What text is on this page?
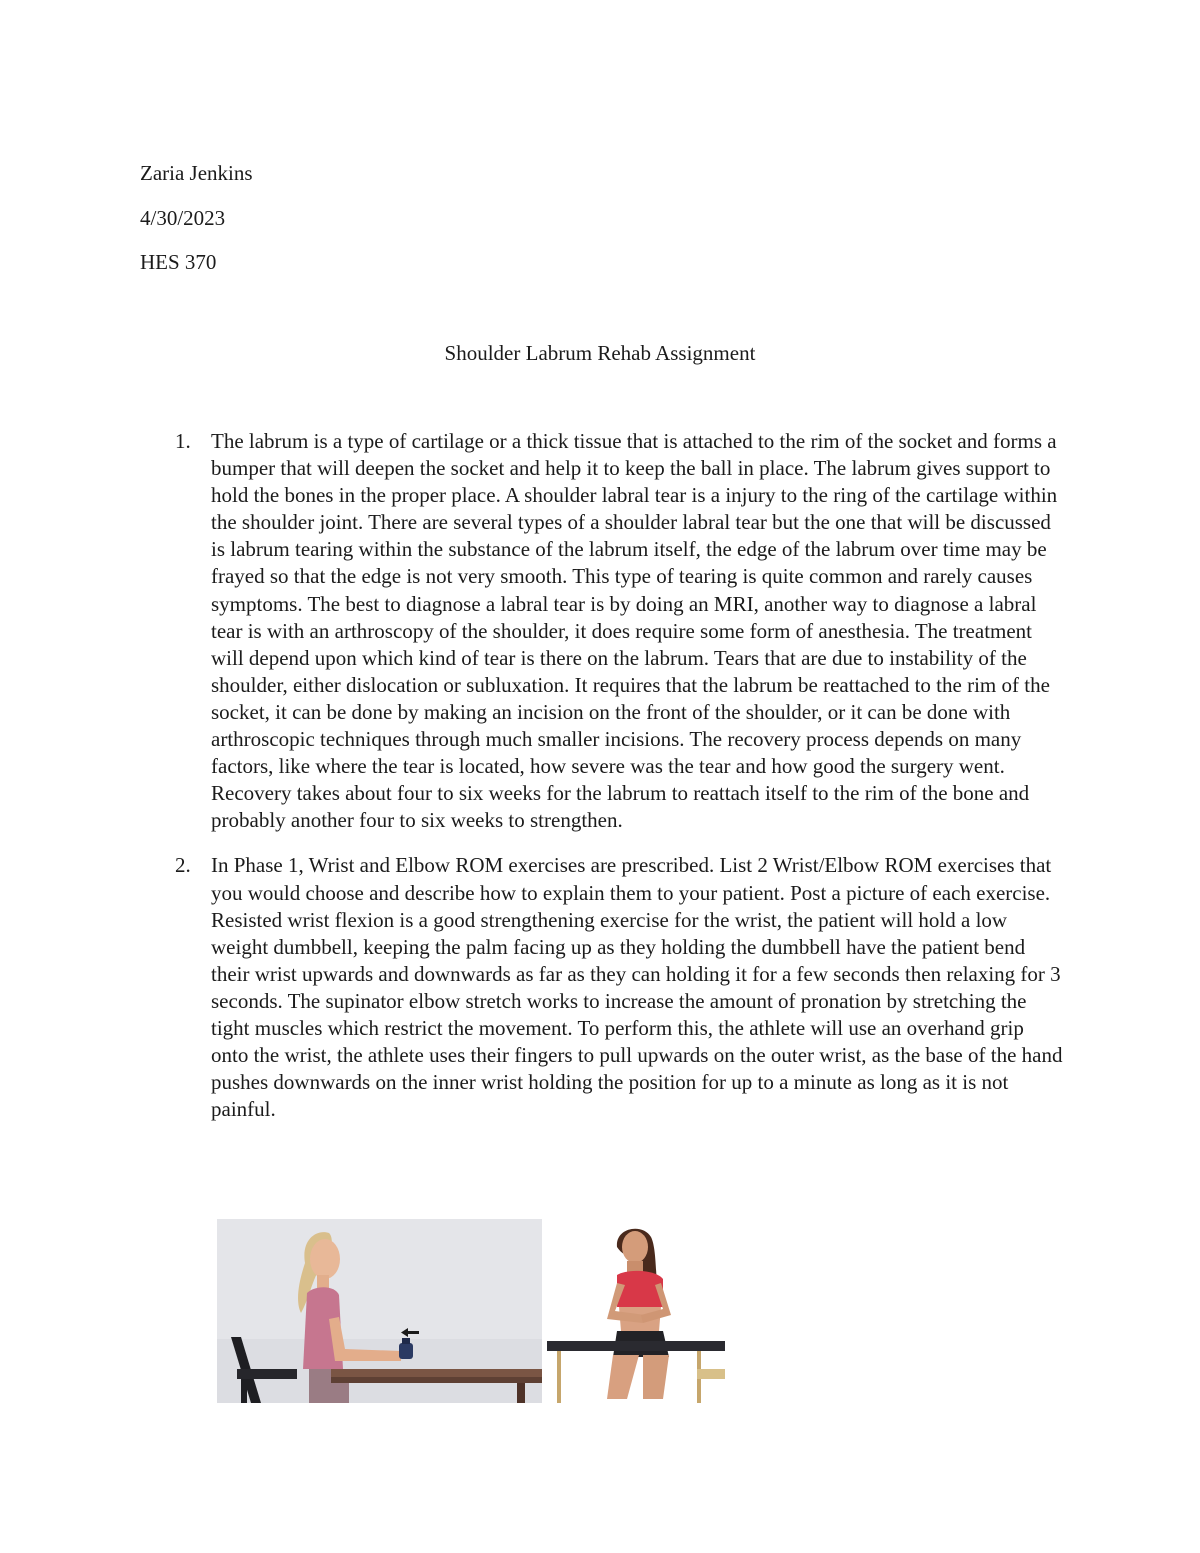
Zaria Jenkins
4/30/2023
HES 370
Shoulder Labrum Rehab Assignment
1. The labrum is a type of cartilage or a thick tissue that is attached to the rim of the socket and forms a bumper that will deepen the socket and help it to keep the ball in place. The labrum gives support to hold the bones in the proper place. A shoulder labral tear is a injury to the ring of the cartilage within the shoulder joint. There are several types of a shoulder labral tear but the one that will be discussed is labrum tearing within the substance of the labrum itself, the edge of the labrum over time may be frayed so that the edge is not very smooth. This type of tearing is quite common and rarely causes symptoms. The best to diagnose a labral tear is by doing an MRI, another way to diagnose a labral tear is with an arthroscopy of the shoulder, it does require some form of anesthesia. The treatment will depend upon which kind of tear is there on the labrum. Tears that are due to instability of the shoulder, either dislocation or subluxation. It requires that the labrum be reattached to the rim of the socket, it can be done by making an incision on the front of the shoulder, or it can be done with arthroscopic techniques through much smaller incisions. The recovery process depends on many factors, like where the tear is located, how severe was the tear and how good the surgery went. Recovery takes about four to six weeks for the labrum to reattach itself to the rim of the bone and probably another four to six weeks to strengthen.
2. In Phase 1, Wrist and Elbow ROM exercises are prescribed. List 2 Wrist/Elbow ROM exercises that you would choose and describe how to explain them to your patient. Post a picture of each exercise. Resisted wrist flexion is a good strengthening exercise for the wrist, the patient will hold a low weight dumbbell, keeping the palm facing up as they holding the dumbbell have the patient bend their wrist upwards and downwards as far as they can holding it for a few seconds then relaxing for 3 seconds. The supinator elbow stretch works to increase the amount of pronation by stretching the tight muscles which restrict the movement. To perform this, the athlete will use an overhand grip onto the wrist, the athlete uses their fingers to pull upwards on the outer wrist, as the base of the hand pushes downwards on the inner wrist holding the position for up to a minute as long as it is not painful.
